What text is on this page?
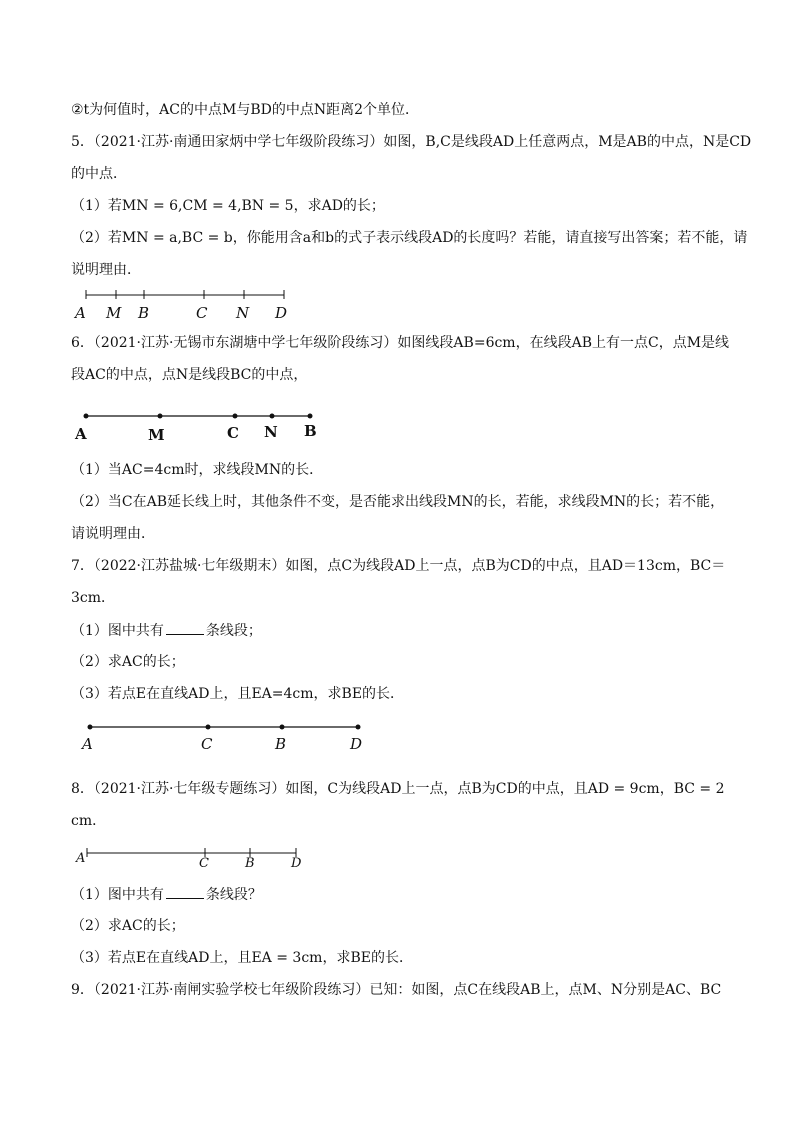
②t为何值时，AC的中点M与BD的中点N距离2个单位．
5．（2021·江苏·南通田家炳中学七年级阶段练习）如图，B,C是线段AD上任意两点，M是AB的中点，N是CD
的中点．
（1）若MN = 6,CM = 4,BN = 5，求AD的长；
（2）若MN = a,BC = b，你能用含a和b的式子表示线段AD的长度吗？若能，请直接写出答案；若不能，请
说明理由．
A M B	C N D
A	M	C N B
A	C	B	D
A	C	B	D
6．（2021·江苏·无锡市东湖塘中学七年级阶段练习）如图线段AB=6cm，在线段AB上有一点C，点M是线
段AC的中点，点N是线段BC的中点，
（1）当AC=4cm时，求线段MN的长．
（2）当C在AB延长线上时，其他条件不变，是否能求出线段MN的长，若能，求线段MN的长；若不能，
请说明理由．
7．（2022·江苏盐城·七年级期末）如图，点C为线段AD上一点，点B为CD的中点，且AD＝13cm，BC＝
3cm．
（1）图中共有	条线段；
（2）求AC的长；
（3）若点E在直线AD上，且EA=4cm，求BE的长．
8．（2021·江苏·七年级专题练习）如图，C为线段AD上一点，点B为CD的中点，且AD = 9cm，BC = 2
cm．
（1）图中共有	条线段？
（2）求AC的长；
（3）若点E在直线AD上，且EA = 3cm，求BE的长．
9．（2021·江苏·南闸实验学校七年级阶段练习）已知：如图，点C在线段AB上，点M、N分别是AC、BC
